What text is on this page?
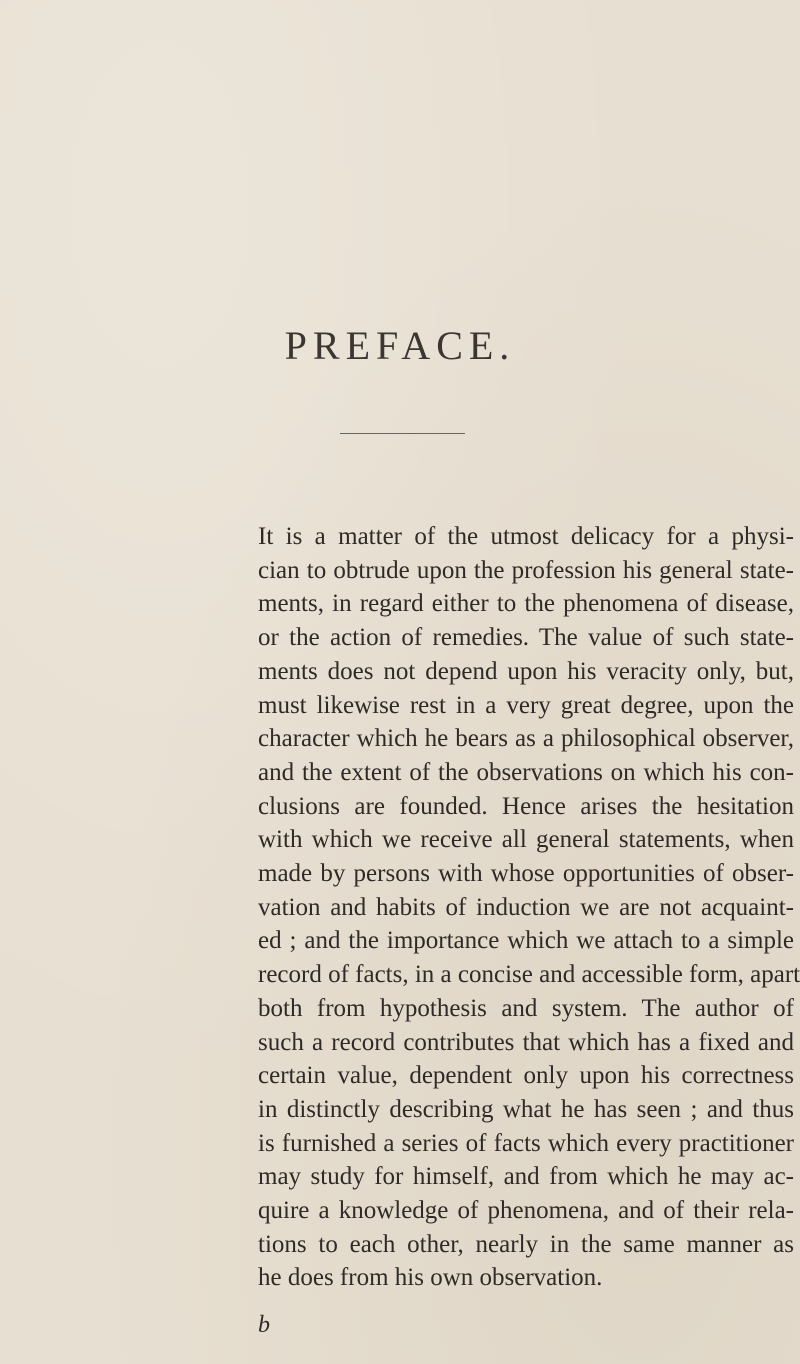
PREFACE.
It is a matter of the utmost delicacy for a physi-
cian to obtrude upon the profession his general state-
ments, in regard either to the phenomena of disease,
or the action of remedies. The value of such state-
ments does not depend upon his veracity only, but,
must likewise rest in a very great degree, upon the
character which he bears as a philosophical observer,
and the extent of the observations on which his con-
clusions are founded. Hence arises the hesitation
with which we receive all general statements, when
made by persons with whose opportunities of obser-
vation and habits of induction we are not acquaint-
ed ; and the importance which we attach to a simple
record of facts, in a concise and accessible form, apart
both from hypothesis and system. The author of
such a record contributes that which has a fixed and
certain value, dependent only upon his correctness
in distinctly describing what he has seen ; and thus
is furnished a series of facts which every practitioner
may study for himself, and from which he may ac-
quire a knowledge of phenomena, and of their rela-
tions to each other, nearly in the same manner as
he does from his own observation.
b
